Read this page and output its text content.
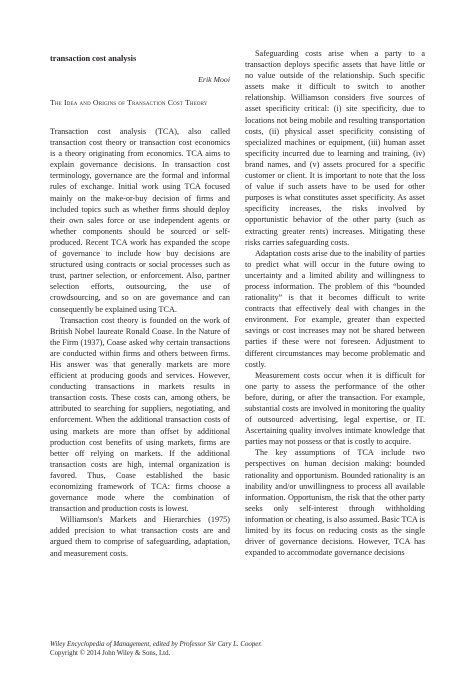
transaction cost analysis
Erik Mooi
The Idea and Origins of Transaction Cost Theory

Transaction cost analysis (TCA), also called transaction cost theory or transaction cost economics is a theory originating from economics. TCA aims to explain governance decisions. In transaction cost terminology, governance are the formal and informal rules of exchange. Initial work using TCA focused mainly on the make-or-buy decision of firms and included topics such as whether firms should deploy their own sales force or use independent agents or whether components should be sourced or self-produced. Recent TCA work has expanded the scope of governance to include how buy decisions are structured using contracts or social processes such as trust, partner selection, or enforcement. Also, partner selection efforts, outsourcing, the use of crowdsourcing, and so on are governance and can consequently be explained using TCA.

Transaction cost theory is founded on the work of British Nobel laureate Ronald Coase. In the Nature of the Firm (1937), Coase asked why certain transactions are conducted within firms and others between firms. His answer was that generally markets are more efficient at producing goods and services. However, conducting transactions in markets results in transaction costs. These costs can, among others, be attributed to searching for suppliers, negotiating, and enforcement. When the additional transaction costs of using markets are more than offset by additional production cost benefits of using markets, firms are better off relying on markets. If the additional transaction costs are high, internal organization is favored. Thus, Coase established the basic economizing framework of TCA: firms choose a governance mode where the combination of transaction and production costs is lowest.

Williamson's Markets and Hierarchies (1975) added precision to what transaction costs are and argued them to comprise of safeguarding, adaptation, and measurement costs.

Safeguarding costs arise when a party to a transaction deploys specific assets that have little or no value outside of the relationship. Such specific assets make it difficult to switch to another relationship. Williamson considers five sources of asset specificity critical: (i) site specificity, due to locations not being mobile and resulting transportation costs, (ii) physical asset specificity consisting of specialized machines or equipment, (iii) human asset specificity incurred due to learning and training, (iv) brand names, and (v) assets procured for a specific customer or client. It is important to note that the loss of value if such assets have to be used for other purposes is what constitutes asset specificity. As asset specificity increases, the risks involved by opportunistic behavior of the other party (such as extracting greater rents) increases. Mitigating these risks carries safeguarding costs.

Adaptation costs arise due to the inability of parties to predict what will occur in the future owing to uncertainty and a limited ability and willingness to process information. The problem of this “bounded rationality” is that it becomes difficult to write contracts that effectively deal with changes in the environment. For example, greater than expected savings or cost increases may not be shared between parties if these were not foreseen. Adjustment to different circumstances may become problematic and costly.

Measurement costs occur when it is difficult for one party to assess the performance of the other before, during, or after the transaction. For example, substantial costs are involved in monitoring the quality of outsourced advertising, legal expertise, or IT. Ascertaining quality involves intimate knowledge that parties may not possess or that is costly to acquire.

The key assumptions of TCA include two perspectives on human decision making: bounded rationality and opportunism. Bounded rationality is an inability and/or unwillingness to process all available information. Opportunism, the risk that the other party seeks only self-interest through withholding information or cheating, is also assumed. Basic TCA is limited by its focus on reducing costs as the single driver of governance decisions. However, TCA has expanded to accommodate governance decisions

Wiley Encyclopedia of Management, edited by Professor Sir Cary L. Cooper.
Copyright © 2014 John Wiley & Sons, Ltd.
